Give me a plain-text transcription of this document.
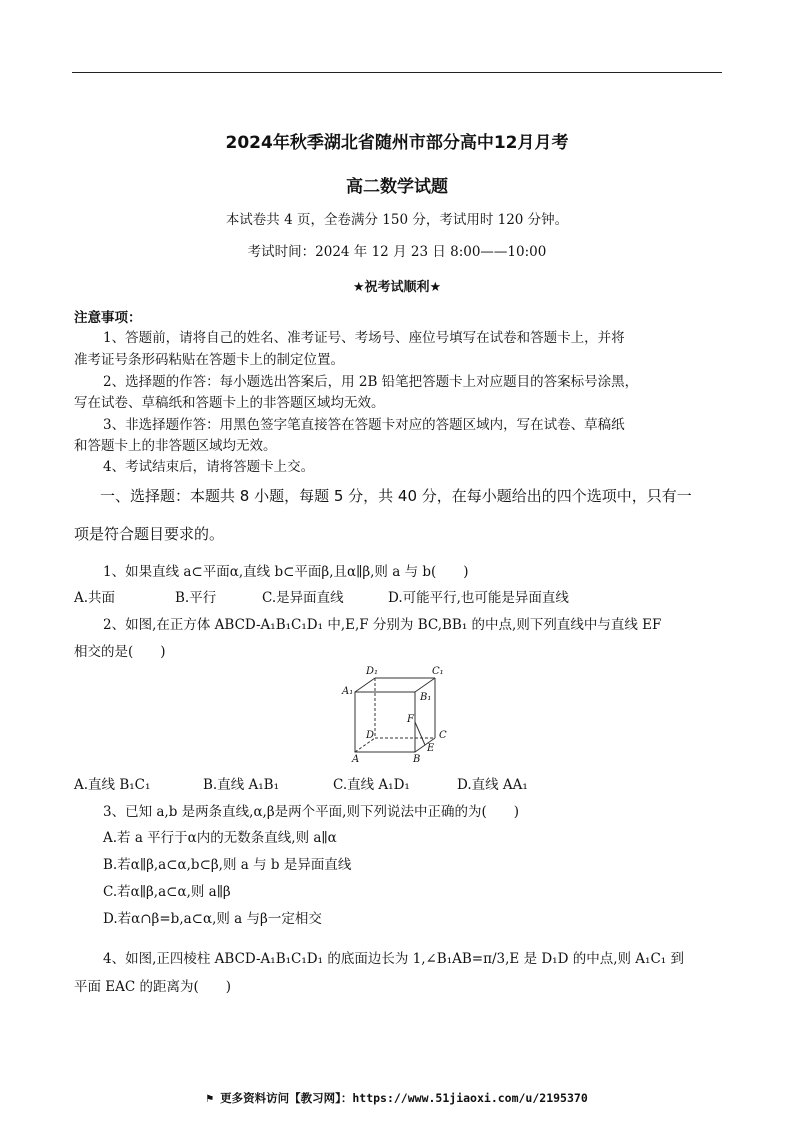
2024年秋季湖北省随州市部分高中12月月考
高二数学试题
本试卷共 4 页，全卷满分 150 分，考试用时 120 分钟。
考试时间：2024 年 12 月 23 日 8:00——10:00
★祝考试顺利★
注意事项：
1、答题前，请将自己的姓名、准考证号、考场号、座位号填写在试卷和答题卡上，并将
准考证号条形码粘贴在答题卡上的制定位置。
2、选择题的作答：每小题选出答案后，用 2B 铅笔把答题卡上对应题目的答案标号涂黑，
写在试卷、草稿纸和答题卡上的非答题区域均无效。
3、非选择题作答：用黑色签字笔直接答在答题卡对应的答题区域内，写在试卷、草稿纸
和答题卡上的非答题区域均无效。
4、考试结束后，请将答题卡上交。
一、选择题：本题共 8 小题，每题 5 分，共 40 分，在每小题给出的四个选项中，只有一
项是符合题目要求的。
1、如果直线 a⊂平面α,直线 b⊂平面β,且α∥β,则 a 与 b(　　)
A.共面	B.平行	C.是异面直线	D.可能平行,也可能是异面直线
2、如图,在正方体 ABCD-A₁B₁C₁D₁ 中,E,F 分别为 BC,BB₁ 的中点,则下列直线中与直线 EF
相交的是(　　)
D₁	C₁
A₁
B₁
F
D	C
E
A	B
A.直线 B₁C₁	B.直线 A₁B₁	C.直线 A₁D₁	D.直线 AA₁
3、已知 a,b 是两条直线,α,β是两个平面,则下列说法中正确的为(　　)
A.若 a 平行于α内的无数条直线,则 a∥α
B.若α∥β,a⊂α,b⊂β,则 a 与 b 是异面直线
C.若α∥β,a⊂α,则 a∥β
D.若α∩β=b,a⊂α,则 a 与β一定相交
4、如图,正四棱柱 ABCD-A₁B₁C₁D₁ 的底面边长为 1,∠B₁AB=π/3,E 是 D₁D 的中点,则 A₁C₁ 到
平面 EAC 的距离为(　　)
⚑ 更多资料访问【教习网】：https://www.51jiaoxi.com/u/2195370
